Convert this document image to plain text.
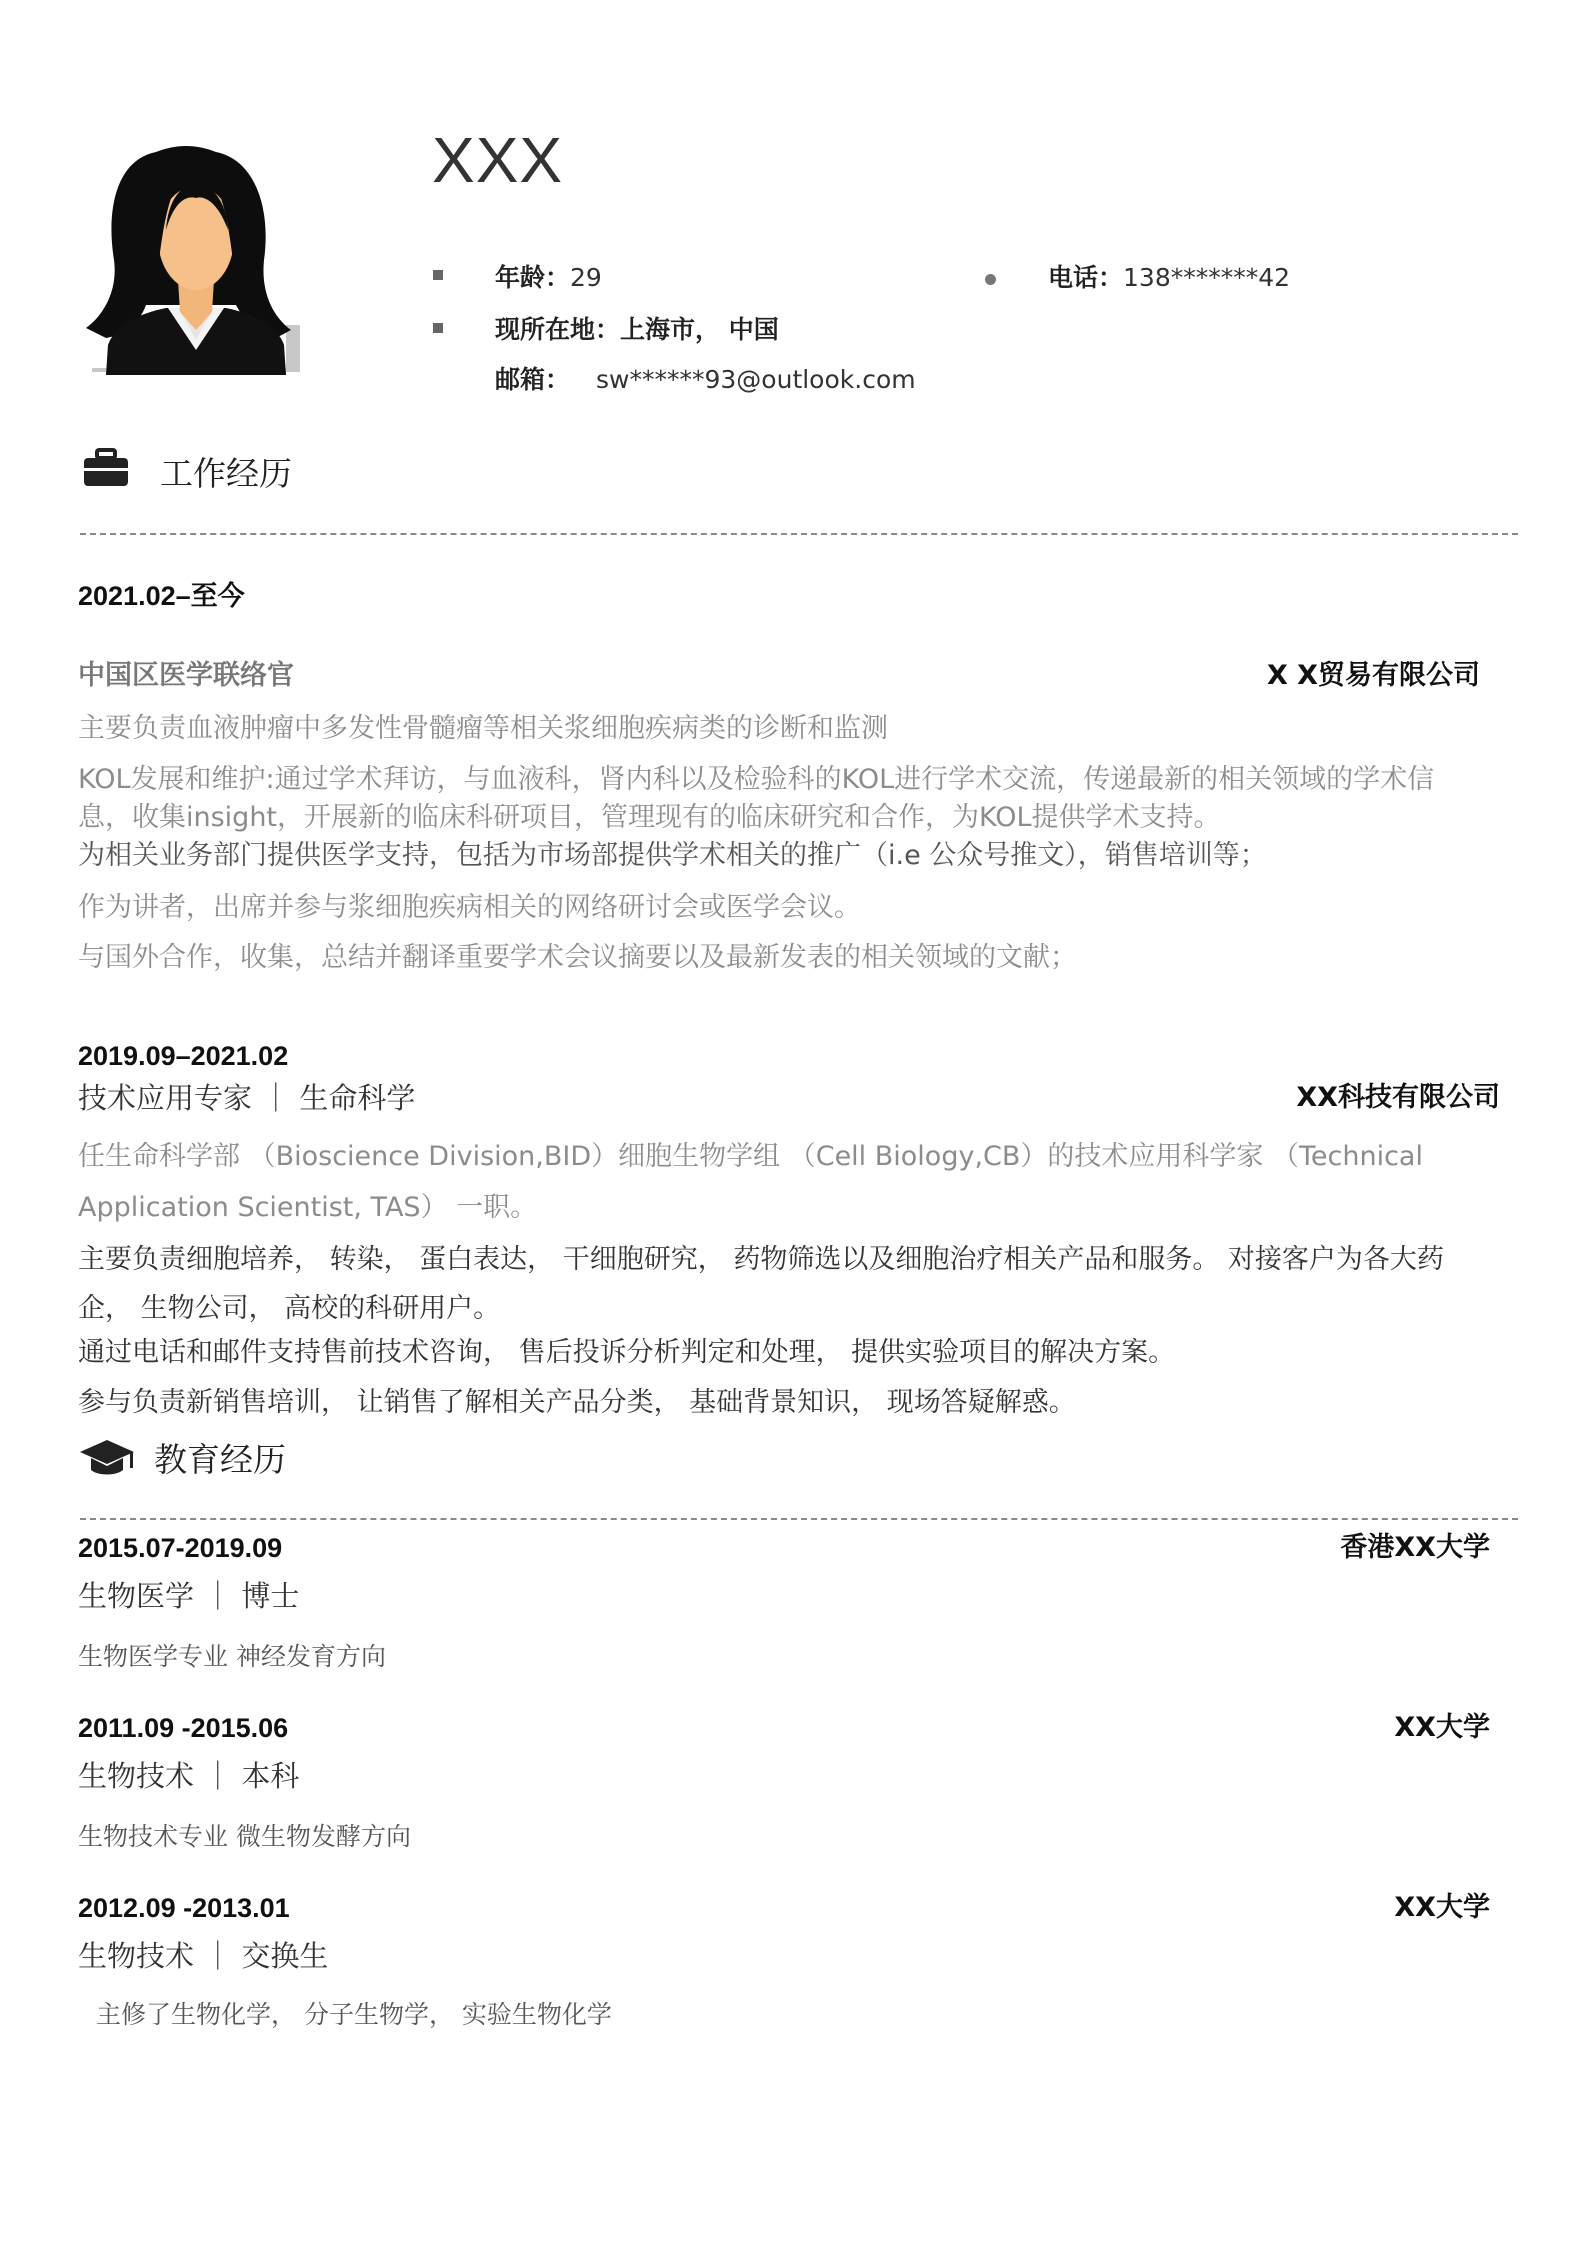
XXX
年龄：29	电话：138*******42
现所在地：上海市， 中国
邮箱： sw******93@outlook.com
工作经历
2021.02–至今
中国区医学联络官	X X贸易有限公司
主要负责血液肿瘤中多发性骨髓瘤等相关浆细胞疾病类的诊断和监测
KOL发展和维护:通过学术拜访，与血液科，肾内科以及检验科的KOL进行学术交流，传递最新的相关领域的学术信
息，收集insight，开展新的临床科研项目，管理现有的临床研究和合作，为KOL提供学术支持。
为相关业务部门提供医学支持，包括为市场部提供学术相关的推广（i.e 公众号推文），销售培训等；
作为讲者，出席并参与浆细胞疾病相关的网络研讨会或医学会议。
与国外合作，收集，总结并翻译重要学术会议摘要以及最新发表的相关领域的文献；
2019.09–2021.02
技术应用专家 ｜ 生命科学	XX科技有限公司
任生命科学部 （Bioscience Division,BID）细胞生物学组 （Cell Biology,CB）的技术应用科学家 （Technical
Application Scientist, TAS） 一职。
主要负责细胞培养， 转染， 蛋白表达， 干细胞研究， 药物筛选以及细胞治疗相关产品和服务。 对接客户为各大药
企， 生物公司， 高校的科研用户。
通过电话和邮件支持售前技术咨询， 售后投诉分析判定和处理， 提供实验项目的解决方案。
参与负责新销售培训， 让销售了解相关产品分类， 基础背景知识， 现场答疑解惑。
教育经历
2015.07-2019.09	香港XX大学
生物医学 ｜ 博士
生物医学专业 神经发育方向
2011.09 -2015.06	XX大学
生物技术 ｜ 本科
生物技术专业 微生物发酵方向
2012.09 -2013.01	XX大学
生物技术 ｜ 交换生
主修了生物化学， 分子生物学， 实验生物化学
